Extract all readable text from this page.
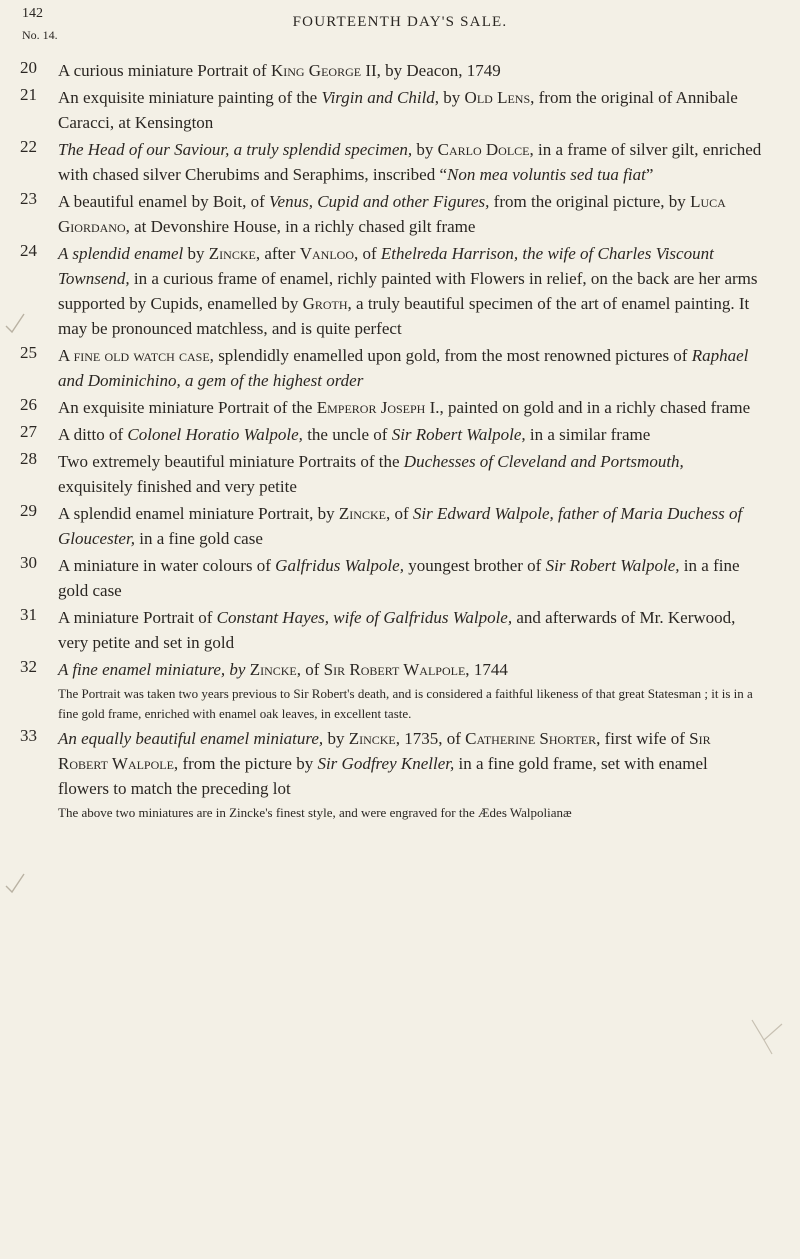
142
No. 14.
FOURTEENTH DAY'S SALE.
20	A curious miniature Portrait of King George II, by Deacon, 1749
21	An exquisite miniature painting of the Virgin and Child, by Old Lens, from the original of Annibale Caracci, at Kensington
22	The Head of our Saviour, a truly splendid specimen, by Carlo Dolce, in a frame of silver gilt, enriched with chased silver Cherubims and Seraphims, inscribed “Non mea voluntis sed tua fiat”
23	A beautiful enamel by Boit, of Venus, Cupid and other Figures, from the original picture, by Luca Giordano, at Devonshire House, in a richly chased gilt frame
24	A splendid enamel by Zincke, after Vanloo, of Ethelreda Harrison, the wife of Charles Viscount Townsend, in a curious frame of enamel, richly painted with Flowers in relief, on the back are her arms supported by Cupids, enamelled by Groth, a truly beautiful specimen of the art of enamel painting. It may be pronounced matchless, and is quite perfect
25	A fine old watch case, splendidly enamelled upon gold, from the most renowned pictures of Raphael and Dominichino, a gem of the highest order
26	An exquisite miniature Portrait of the Emperor Joseph I., painted on gold and in a richly chased frame
27	A ditto of Colonel Horatio Walpole, the uncle of Sir Robert Walpole, in a similar frame
28	Two extremely beautiful miniature Portraits of the Duchesses of Cleveland and Portsmouth, exquisitely finished and very petite
29	A splendid enamel miniature Portrait, by Zincke, of Sir Edward Walpole, father of Maria Duchess of Gloucester, in a fine gold case
30	A miniature in water colours of Galfridus Walpole, youngest brother of Sir Robert Walpole, in a fine gold case
31	A miniature Portrait of Constant Hayes, wife of Galfridus Walpole, and afterwards of Mr. Kerwood, very petite and set in gold
32	A fine enamel miniature, by Zincke, of Sir Robert Walpole, 1744
The Portrait was taken two years previous to Sir Robert's death, and is considered a faithful likeness of that great Statesman ; it is in a fine gold frame, enriched with enamel oak leaves, in excellent taste.
33	An equally beautiful enamel miniature, by Zincke, 1735, of Catherine Shorter, first wife of Sir Robert Walpole, from the picture by Sir Godfrey Kneller, in a fine gold frame, set with enamel flowers to match the preceding lot
The above two miniatures are in Zincke's finest style, and were engraved for the Ædes Walpolianæ
